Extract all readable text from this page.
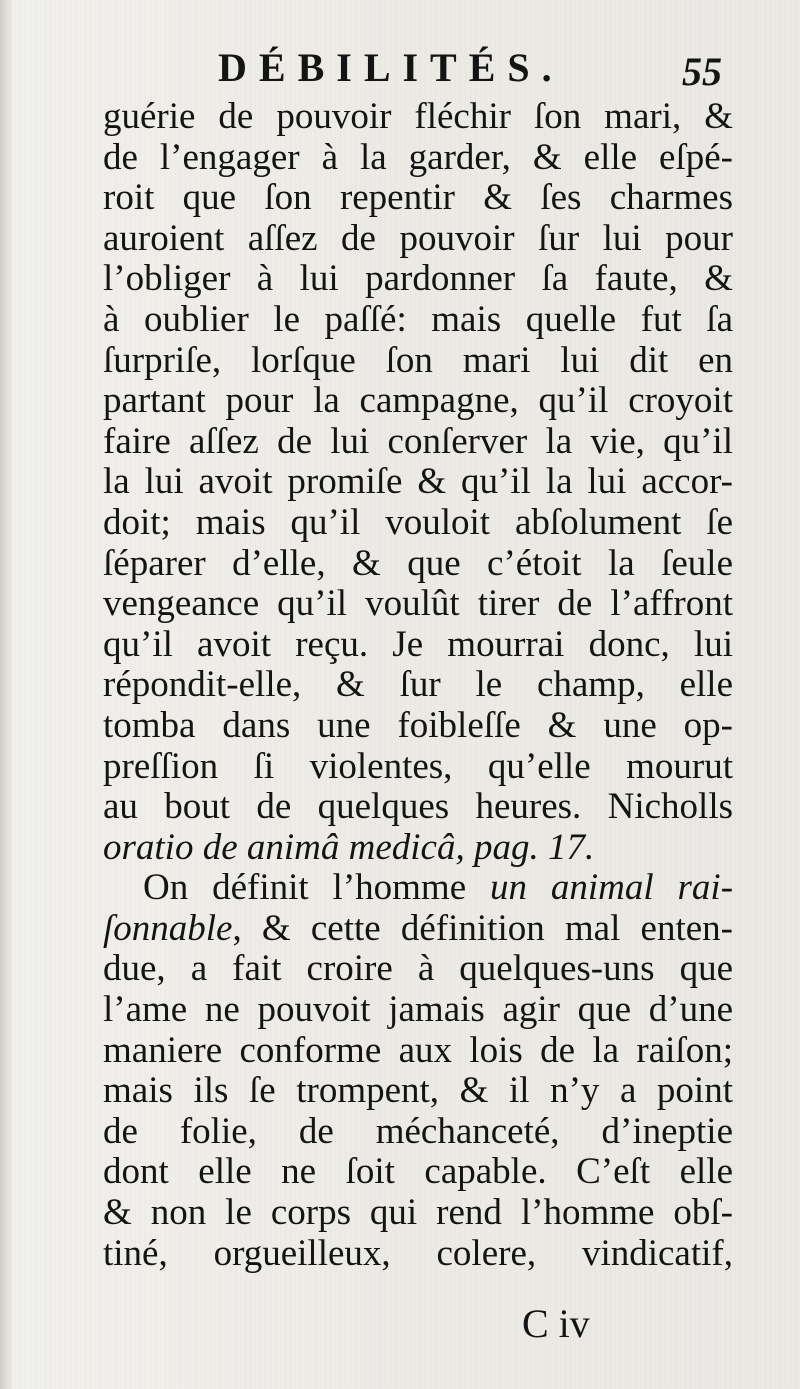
DÉBILITÉS.	55
guérie de pouvoir fléchir ſon mari, &
de l’engager à la garder, & elle eſpé-
roit que ſon repentir & ſes charmes
auroient aſſez de pouvoir ſur lui pour
l’obliger à lui pardonner ſa faute, &
à oublier le paſſé: mais quelle fut ſa
ſurpriſe, lorſque ſon mari lui dit en
partant pour la campagne, qu’il croyoit
faire aſſez de lui conſerver la vie, qu’il
la lui avoit promiſe & qu’il la lui accor-
doit; mais qu’il vouloit abſolument ſe
ſéparer d’elle, & que c’étoit la ſeule
vengeance qu’il voulût tirer de l’affront
qu’il avoit reçu. Je mourrai donc, lui
répondit-elle, & ſur le champ, elle
tomba dans une foibleſſe & une op-
preſſion ſi violentes, qu’elle mourut
au bout de quelques heures. Nicholls
oratio de animâ medicâ, pag. 17.
On définit l’homme un animal rai-
ſonnable, & cette définition mal enten-
due, a fait croire à quelques-uns que
l’ame ne pouvoit jamais agir que d’une
maniere conforme aux lois de la raiſon;
mais ils ſe trompent, & il n’y a point
de folie, de méchanceté, d’ineptie
dont elle ne ſoit capable. C’eſt elle
& non le corps qui rend l’homme obſ-
tiné, orgueilleux, colere, vindicatif,
C iv
